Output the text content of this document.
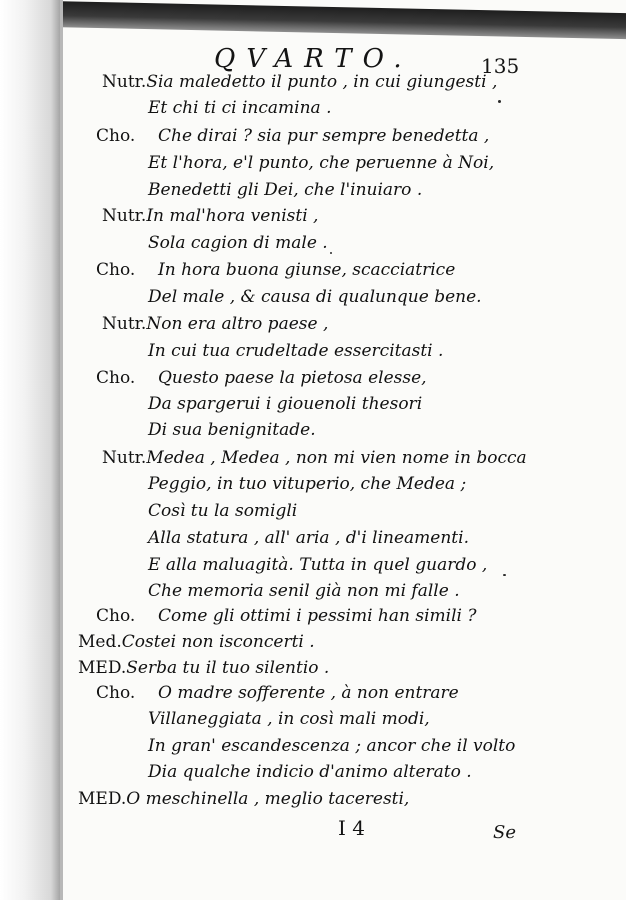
QVARTO.	135
Nutr.Sia maledetto il punto , in cui giungesti ,
Et chi ti ci incamina .
Cho. Che dirai ? sia pur sempre benedetta ,
Et l'hora, e'l punto, che peruenne à Noi,
Benedetti gli Dei, che l'inuiaro .
Nutr.In mal'hora venisti ,
Sola cagion di male .
Cho. In hora buona giunse, scacciatrice
Del male , & causa di qualunque bene.
Nutr.Non era altro paese ,
In cui tua crudeltade essercitasti .
Cho. Questo paese la pietosa elesse,
Da spargerui i giouenoli thesori
Di sua benignitade.
Nutr.Medea , Medea , non mi vien nome in bocca
Peggio, in tuo vituperio, che Medea ;
Così tu la somigli
Alla statura , all' aria , d'i lineamenti.
E alla maluagità. Tutta in quel guardo ,
Che memoria senil già non mi falle .
Cho. Come gli ottimi i pessimi han simili ?
Med.Costei non isconcerti .
MED.Serba tu il tuo silentio .
Cho. O madre sofferente , à non entrare
Villaneggiata , in così mali modi,
In gran' escandescenza ; ancor che il volto
Dia qualche indicio d'animo alterato .
MED.O meschinella , meglio taceresti,
I 4	Se
